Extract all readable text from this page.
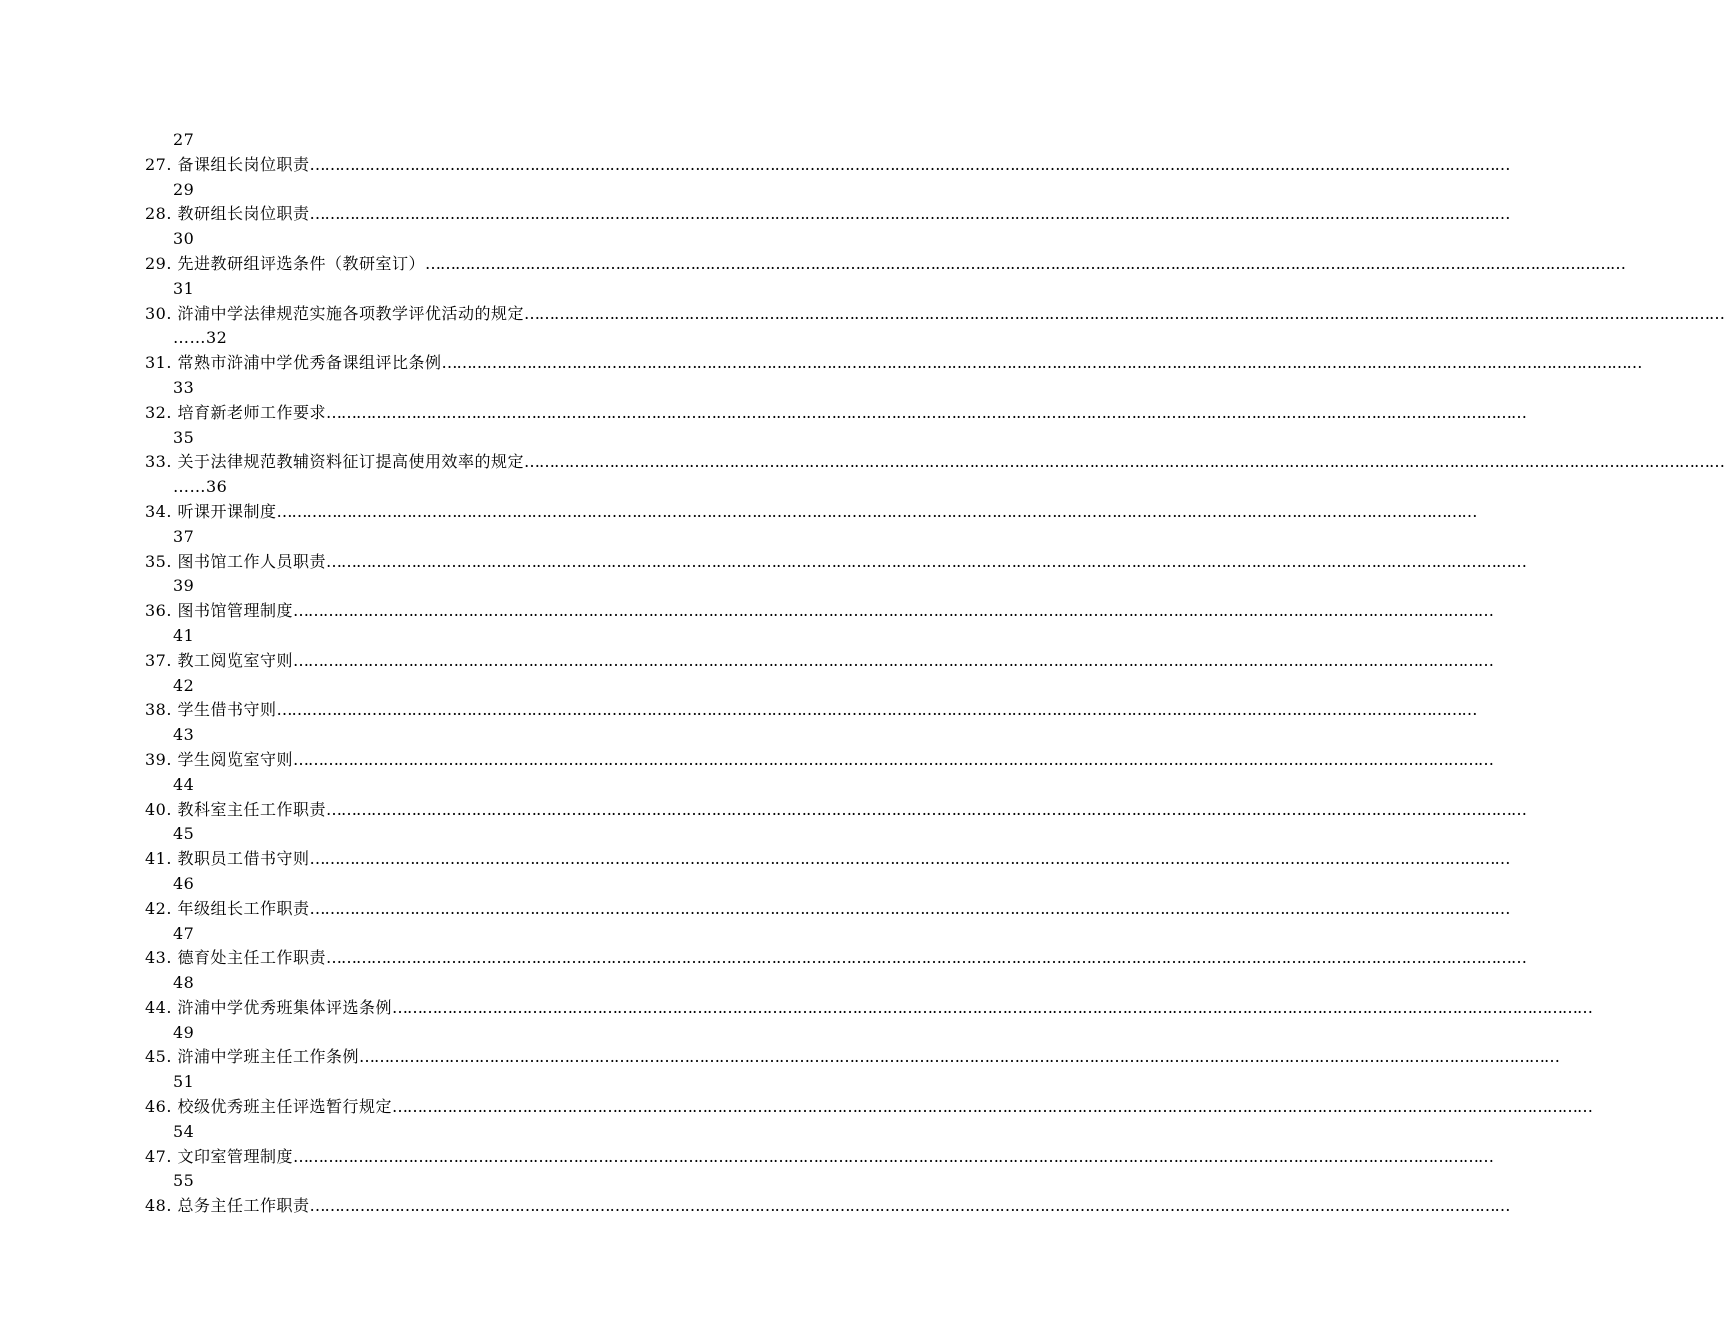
27
27. 备课组长岗位职责……………………………………………………………………………………………………………………………………………………………………………………………………………………
29
28. 教研组长岗位职责……………………………………………………………………………………………………………………………………………………………………………………………………………………
30
29. 先进教研组评选条件（教研室订）……………………………………………………………………………………………………………………………………………………………………………………………………………………
31
30. 浒浦中学法律规范实施各项教学评优活动的规定……………………………………………………………………………………………………………………………………………………………………………………………………………………
……32
31. 常熟市浒浦中学优秀备课组评比条例……………………………………………………………………………………………………………………………………………………………………………………………………………………
33
32. 培育新老师工作要求……………………………………………………………………………………………………………………………………………………………………………………………………………………
35
33. 关于法律规范教辅资料征订提高使用效率的规定……………………………………………………………………………………………………………………………………………………………………………………………………………………
……36
34. 听课开课制度……………………………………………………………………………………………………………………………………………………………………………………………………………………
37
35. 图书馆工作人员职责……………………………………………………………………………………………………………………………………………………………………………………………………………………
39
36. 图书馆管理制度……………………………………………………………………………………………………………………………………………………………………………………………………………………
41
37. 教工阅览室守则……………………………………………………………………………………………………………………………………………………………………………………………………………………
42
38. 学生借书守则……………………………………………………………………………………………………………………………………………………………………………………………………………………
43
39. 学生阅览室守则……………………………………………………………………………………………………………………………………………………………………………………………………………………
44
40. 教科室主任工作职责……………………………………………………………………………………………………………………………………………………………………………………………………………………
45
41. 教职员工借书守则……………………………………………………………………………………………………………………………………………………………………………………………………………………
46
42. 年级组长工作职责……………………………………………………………………………………………………………………………………………………………………………………………………………………
47
43. 德育处主任工作职责……………………………………………………………………………………………………………………………………………………………………………………………………………………
48
44. 浒浦中学优秀班集体评选条例……………………………………………………………………………………………………………………………………………………………………………………………………………………
49
45. 浒浦中学班主任工作条例……………………………………………………………………………………………………………………………………………………………………………………………………………………
51
46. 校级优秀班主任评选暂行规定……………………………………………………………………………………………………………………………………………………………………………………………………………………
54
47. 文印室管理制度……………………………………………………………………………………………………………………………………………………………………………………………………………………
55
48. 总务主任工作职责……………………………………………………………………………………………………………………………………………………………………………………………………………………
